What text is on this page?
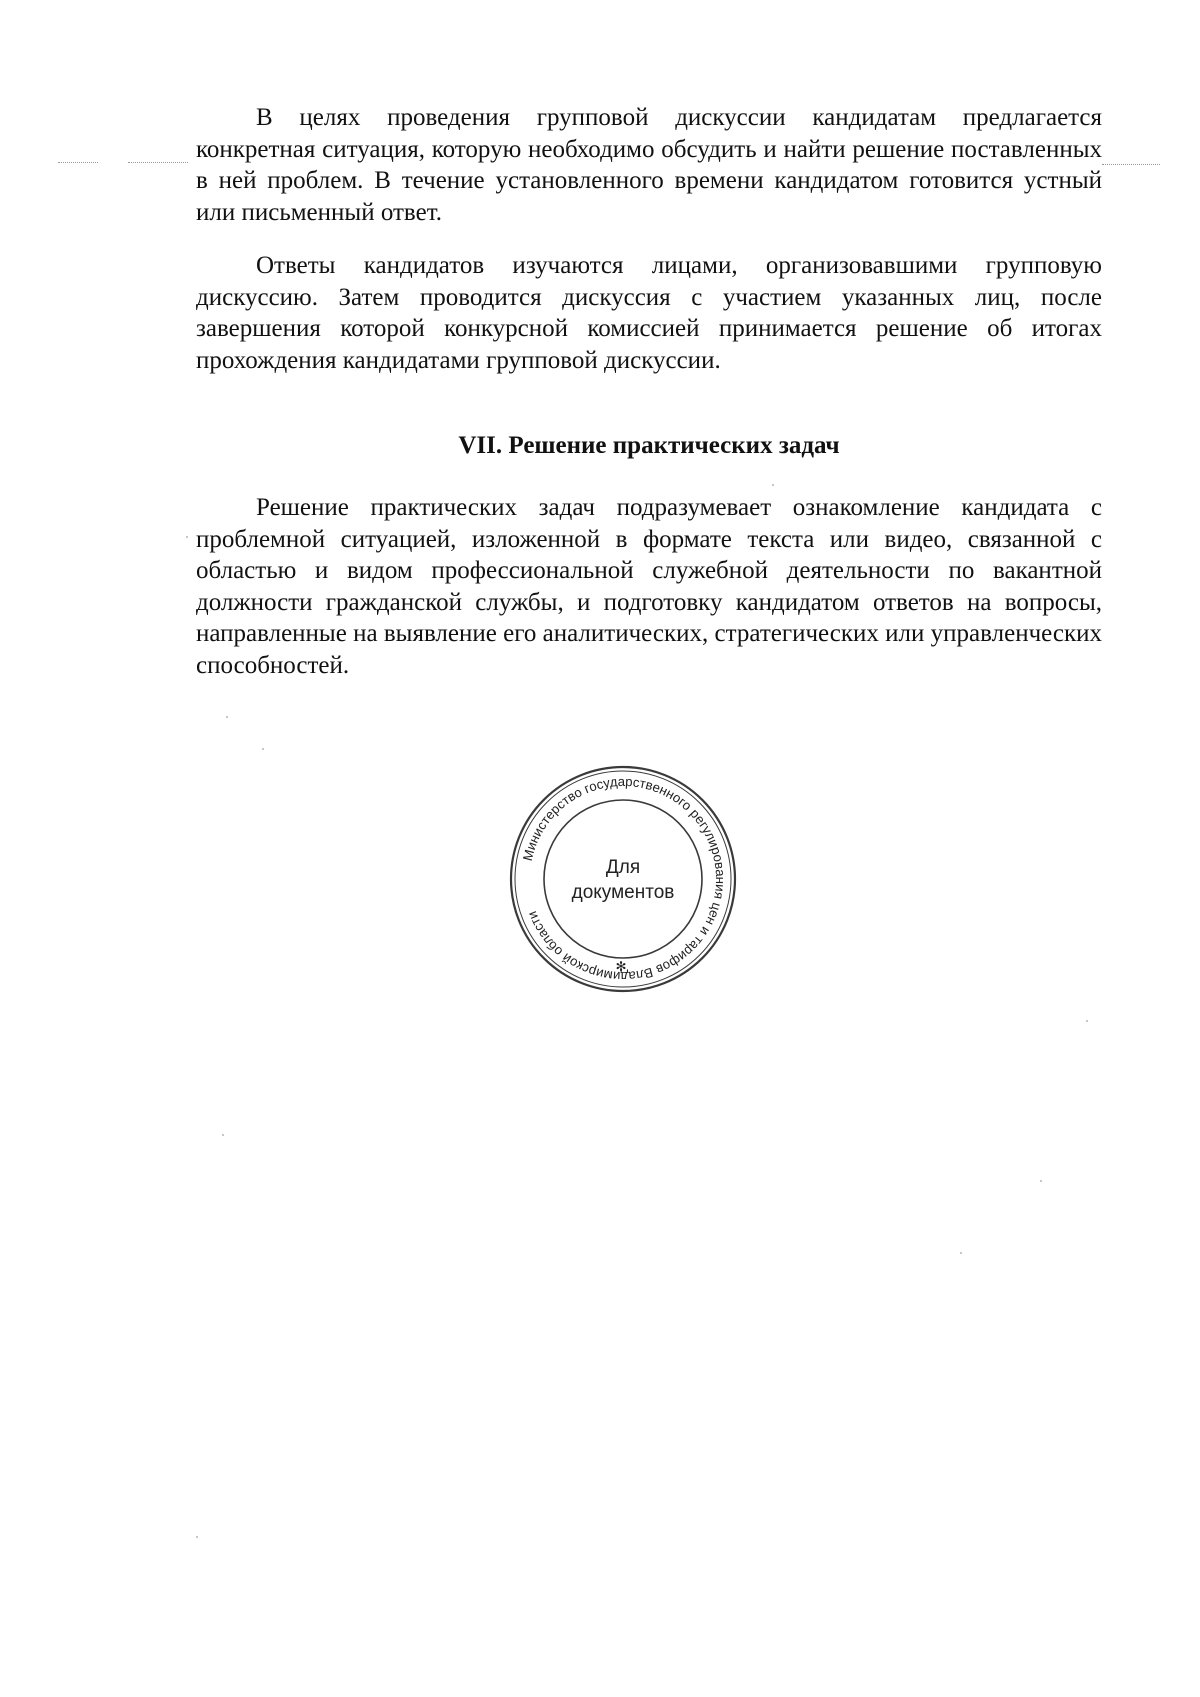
В целях проведения групповой дискуссии кандидатам предлагается конкретная ситуация, которую необходимо обсудить и найти решение поставленных в ней проблем. В течение установленного времени кандидатом готовится устный или письменный ответ.

Ответы кандидатов изучаются лицами, организовавшими групповую дискуссию. Затем проводится дискуссия с участием указанных лиц, после завершения которой конкурсной комиссией принимается решение об итогах прохождения кандидатами групповой дискуссии.

VII. Решение практических задач

Решение практических задач подразумевает ознакомление кандидата с проблемной ситуацией, изложенной в формате текста или видео, связанной с областью и видом профессиональной служебной деятельности по вакантной должности гражданской службы, и подготовку кандидатом ответов на вопросы, направленные на выявление его аналитических, стратегических или управленческих способностей.

Министерство государственного регулирования цен и тарифов Владимирской области
✻
Для
документов
